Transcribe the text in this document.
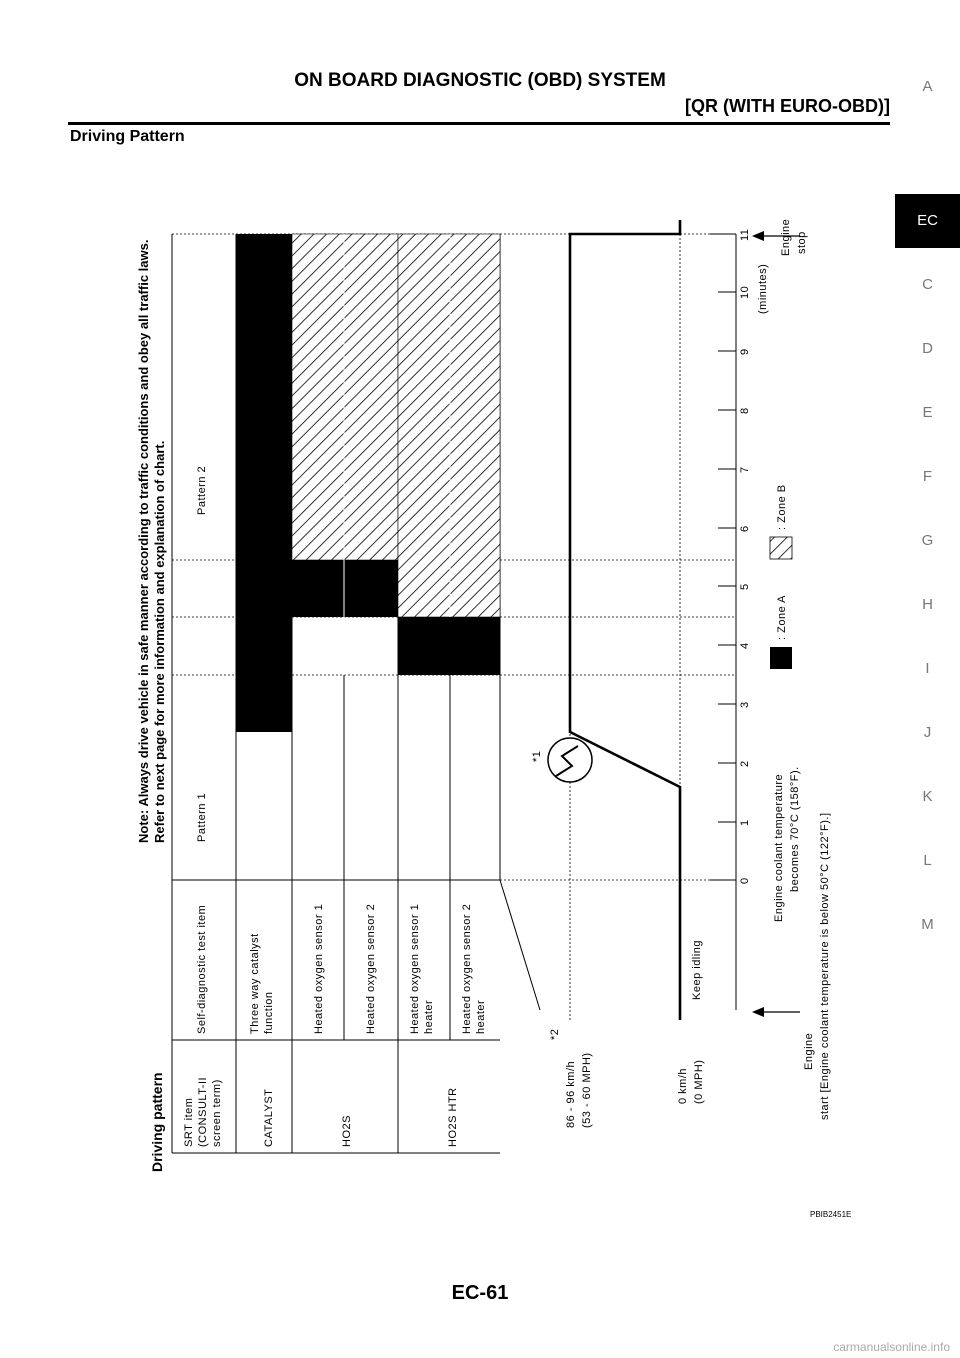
ON BOARD DIAGNOSTIC (OBD) SYSTEM
[QR (WITH EURO-OBD)]
Driving Pattern
A
EC
C
D
E
F
G
H
I
J
K
L
M
0
1
2
3
4
5
6
7
8
9
10
11
(minutes)
Driving pattern
Note: Always drive vehicle in safe manner according to traffic conditions and obey all traffic laws. Refer to next page for more information and explanation of chart.
SRT item (CONSULT-II screen term)
Self-diagnostic test item
Pattern 1
Pattern 2
CATALYST
Three way catalyst function
HO2S
Heated oxygen sensor 1	Heated oxygen sensor 2
HO2S HTR
Heated oxygen sensor 1 heater Heated oxygen sensor 2 heater
*2
86 - 96 km/h (53 - 60 MPH)
*1
0 km/h (0 MPH)
Keep idling
Engine coolant temperature becomes 70°C (158°F).
Engine start [Engine coolant temperature is below 50°C (122°F).]
Engine stop
: Zone A
: Zone B
PBIB2451E
EC-61
carmanualsonline.info
